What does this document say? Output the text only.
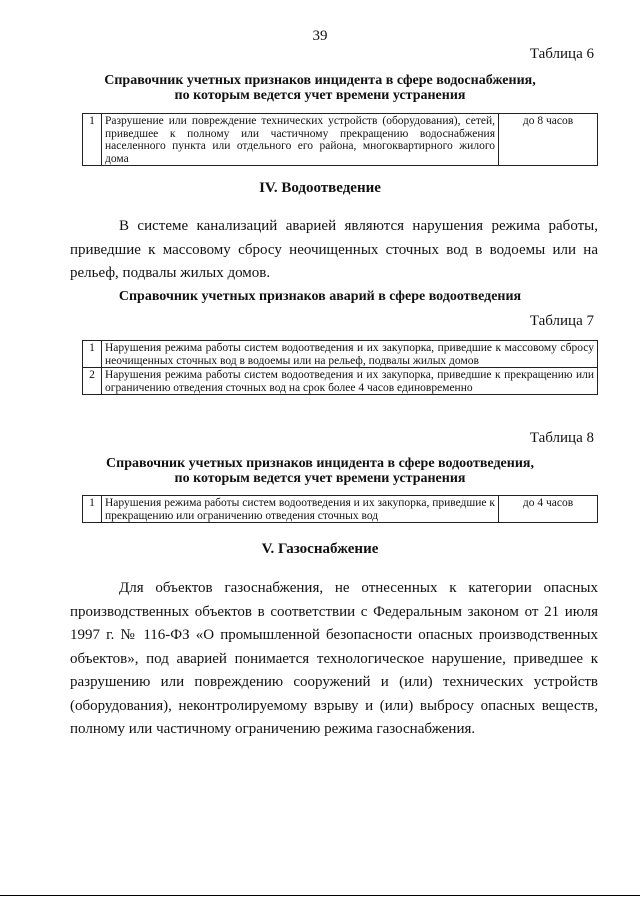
39
Таблица 6
Справочник учетных признаков инцидента в сфере водоснабжения,
по которым ведется учет времени устранения
1	Разрушение или повреждение технических устройств (оборудования), сетей, приведшее к полному или частичному прекращению водоснабжения населенного пункта или отдельного его района, многоквартирного жилого дома	до 8 часов
IV. Водоотведение
В системе канализаций аварией являются нарушения режима работы, приведшие к массовому сбросу неочищенных сточных вод в водоемы или на рельеф, подвалы жилых домов.
Справочник учетных признаков аварий в сфере водоотведения
Таблица 7
1	Нарушения режима работы систем водоотведения и их закупорка, приведшие к массовому сбросу неочищенных сточных вод в водоемы или на рельеф, подвалы жилых домов
2	Нарушения режима работы систем водоотведения и их закупорка, приведшие к прекращению или ограничению отведения сточных вод на срок более 4 часов единовременно
Таблица 8
Справочник учетных признаков инцидента в сфере водоотведения,
по которым ведется учет времени устранения
1	Нарушения режима работы систем водоотведения и их закупорка, приведшие к прекращению или ограничению отведения сточных вод	до 4 часов
V. Газоснабжение
Для объектов газоснабжения, не отнесенных к категории опасных производственных объектов в соответствии с Федеральным законом от 21 июля 1997 г. № 116-ФЗ «О промышленной безопасности опасных производственных объектов», под аварией понимается технологическое нарушение, приведшее к разрушению или повреждению сооружений и (или) технических устройств (оборудования), неконтролируемому взрыву и (или) выбросу опасных веществ, полному или частичному ограничению режима газоснабжения.
